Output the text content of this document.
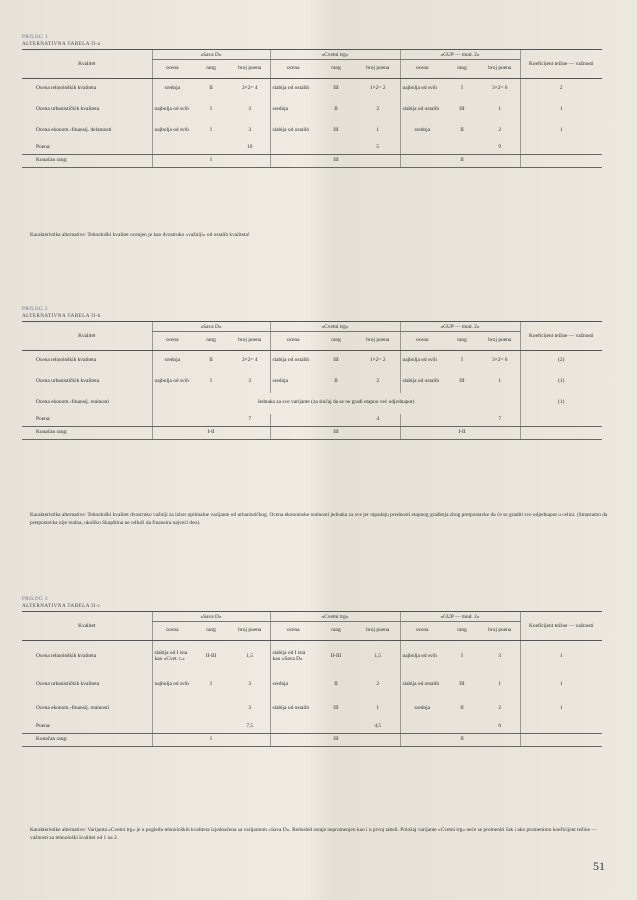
PRILOG 1
ALTERNATIVNA TABELA II-a
Kvalitet	»Sava D«			»Cvetni trg«			»GUP — mod. 2«			Koeficijent težine — važnosti
	ocena	rang	broj poena	ocena	rang	broj poena	ocena	rang	broj poena	
Ocena tehnoloških kvaliteta	srednja	II	2×2= 4	slabija od ostalih	III	1×2= 2	najbolja od svih	I	3×2= 6	2
Ocena urbanističkih kvaliteta	najbolja od svih	I	3	srednja	II	2	slabija od ostalih	III	1	1
Ocena ekonom.-finansij. delatnosti	najbolja od svih	I	3	slabija od ostalih	III	1	srednja	II	2	1
Poena:			10			5			9	
Konačan rang:		I			III			II		
Karakteristika alternative: Tehnološki kvalitet ocenjen je kao dvostruko »važniji« od ostalih kvaliteta!
PRILOG 2
ALTERNATIVNA TABELA II-b
Kvalitet	»Sava D«			»Cvetni trg«			»GUP — mod. 2«			Koeficijent težine — važnosti
	ocena	rang	broj poena	ocena	rang	broj poena	ocena	rang	broj poena	
Ocena tehnoloških kvaliteta	srednja	II	2×2= 4	slabija od ostalih	III	1×2= 2	najbolja od svih	I	3×2= 6	(2)
Ocena urbanističkih kvaliteta	najbolja od svih	I	3	srednja	II	2	slabija od ostalih	III	1	(1)
Ocena ekonom.-finansij. realnosti	Jednaka za sve varijante (za slučaj da se ne gradi etapno već odjednaput)									(1)
Poena:			7			4			7	
Konačan rang:		I-II			III			I-II		
Karakteristika alternative: Tehnološki kvalitet dvostruko važniji za izbor optimalne varijante od urbanističkog. Ocena ekonomske realnosti jednaka za sve jer otpadaju prednosti etapnog građenja zbog pretpostavke da će se graditi sve odjednaput u celini. (Smatramo da pretpostavka nije realna, ukoliko Skupština ne odluči da finansira najveći deo).
PRILOG 3
ALTERNATIVNA TABELA II-c
Kvalitet	»Sava D«			»Cvetni trg«			»GUP — mod. 2«			Koeficijent težine — važnosti
	ocena	rang	broj poena	ocena	rang	broj poena	ocena	rang	broj poena	
Ocena tehnoloških kvaliteta	slabija od I ista kao »Cvet. t.«	II-III	1,5	slabija od I ista kao »Sava D«	II-III	1,5	najbolja od svih	I	3	1
Ocena urbanističkih kvaliteta	najbolja od svih	I	3	srednja	II	2	slabija od ostalih	III	1	1
Ocena ekonom.-finansij. realnosti			3	slabija od ostalih	III	1	srednja	II	2	1
Poena:			7,5			4,5			6	
Konačan rang:		I			III			II		
Karakteristike alternative: Varijanta »Cvetni trg« je u pogledu tehnoloških kvaliteta izjednačena sa varijantom »Sava D«. Redosled ostaje nepromenjen kao i u prvoj tabeli. Položaj varijante »Cvetni trg« neće se promeniti čak i ako promenimo koeficijent težine — važnosti za tehnološki kvalitet od 1 na 2.
51
